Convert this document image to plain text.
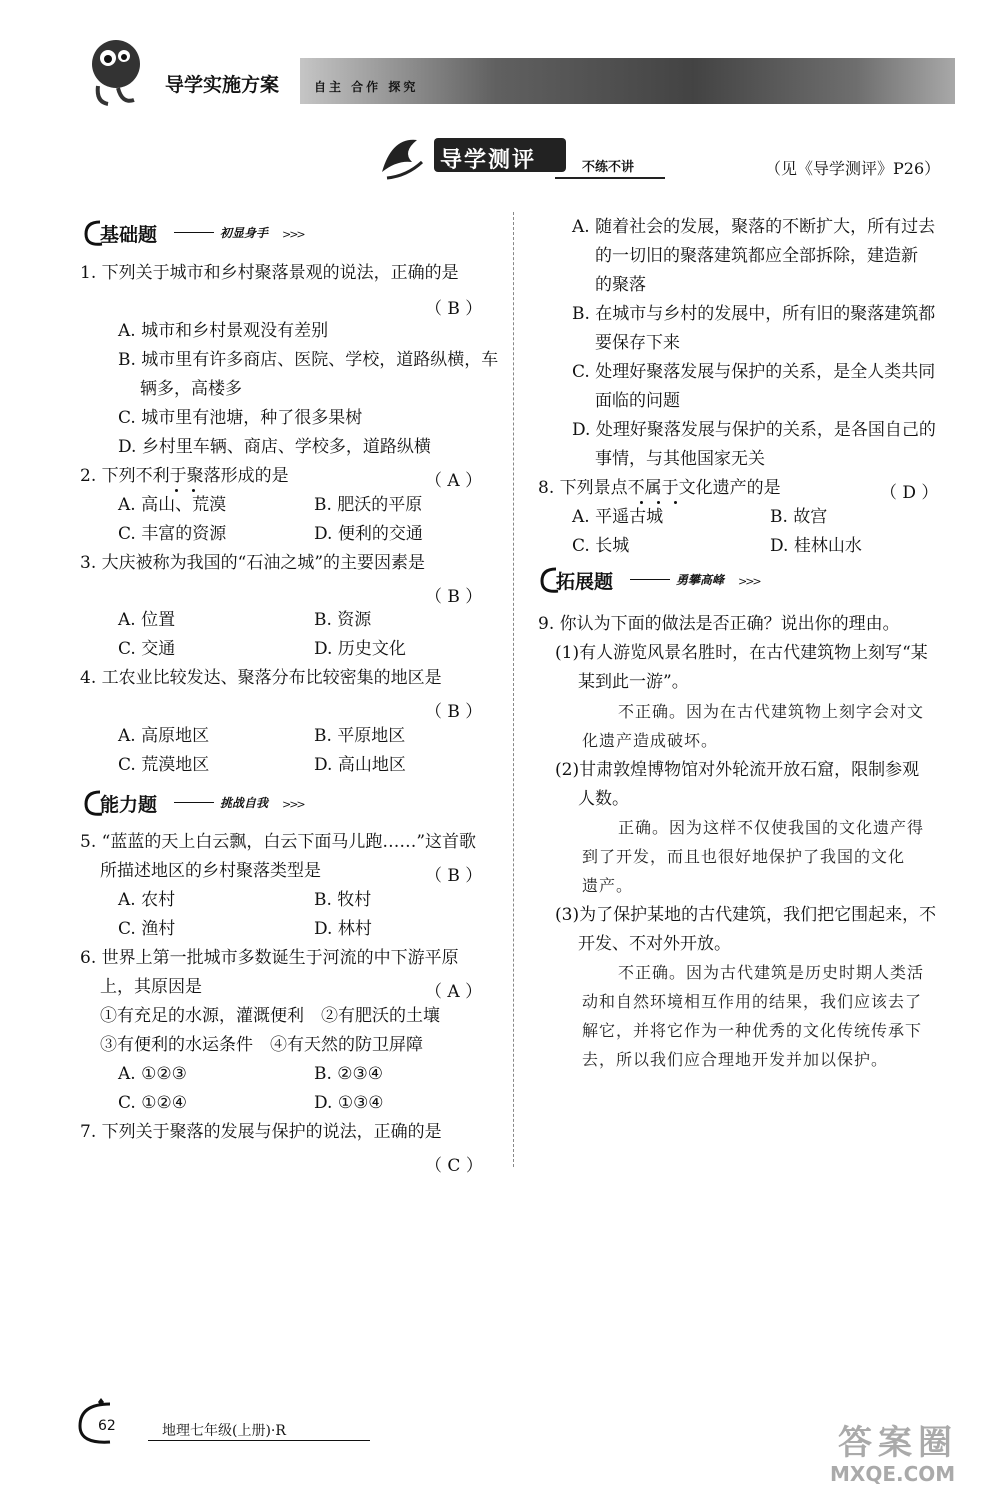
导学实施方案	自主 合作 探究
导学测评	不练不讲	（见《导学测评》P26）
基础题	初显身手 >>>
能力题	挑战自我 >>>
拓展题	勇攀高峰 >>>
1. 下列关于城市和乡村聚落景观的说法，正确的是
（ B ）
A. 城市和乡村景观没有差别
B. 城市里有许多商店、医院、学校，道路纵横，车
辆多，高楼多
C. 城市里有池塘，种了很多果树
D. 乡村里车辆、商店、学校多，道路纵横
2. 下列不利于聚落形成的是	（ A ）
A. 高山、荒漠	B. 肥沃的平原
C. 丰富的资源	D. 便利的交通
3. 大庆被称为我国的“石油之城”的主要因素是
（ B ）
A. 位置	B. 资源
C. 交通	D. 历史文化
4. 工农业比较发达、聚落分布比较密集的地区是
（ B ）
A. 高原地区	B. 平原地区
C. 荒漠地区	D. 高山地区
5. “蓝蓝的天上白云飘，白云下面马儿跑……”这首歌
所描述地区的乡村聚落类型是	（ B ）
A. 农村	B. 牧村
C. 渔村	D. 林村
6. 世界上第一批城市多数诞生于河流的中下游平原
上，其原因是	（ A ）
①有充足的水源，灌溉便利　②有肥沃的土壤
③有便利的水运条件　④有天然的防卫屏障
A. ①②③	B. ②③④
C. ①②④	D. ①③④
7. 下列关于聚落的发展与保护的说法，正确的是
（ C ）
A. 随着社会的发展，聚落的不断扩大，所有过去
的一切旧的聚落建筑都应全部拆除，建造新
的聚落
B. 在城市与乡村的发展中，所有旧的聚落建筑都
要保存下来
C. 处理好聚落发展与保护的关系，是全人类共同
面临的问题
D. 处理好聚落发展与保护的关系，是各国自己的
事情，与其他国家无关
8. 下列景点不属于文化遗产的是	（ D ）
A. 平遥古城	B. 故宫
C. 长城	D. 桂林山水
9. 你认为下面的做法是否正确？说出你的理由。
(1)有人游览风景名胜时，在古代建筑物上刻写“某
某到此一游”。
不正确。因为在古代建筑物上刻字会对文
化遗产造成破坏。
(2)甘肃敦煌博物馆对外轮流开放石窟，限制参观
人数。
正确。因为这样不仅使我国的文化遗产得
到了开发，而且也很好地保护了我国的文化
遗产。
(3)为了保护某地的古代建筑，我们把它围起来，不
开发、不对外开放。
不正确。因为古代建筑是历史时期人类活
动和自然环境相互作用的结果，我们应该去了
解它，并将它作为一种优秀的文化传统传承下
去，所以我们应合理地开发并加以保护。
62	地理七年级(上册)·R	答案圈
MXQE.COM
